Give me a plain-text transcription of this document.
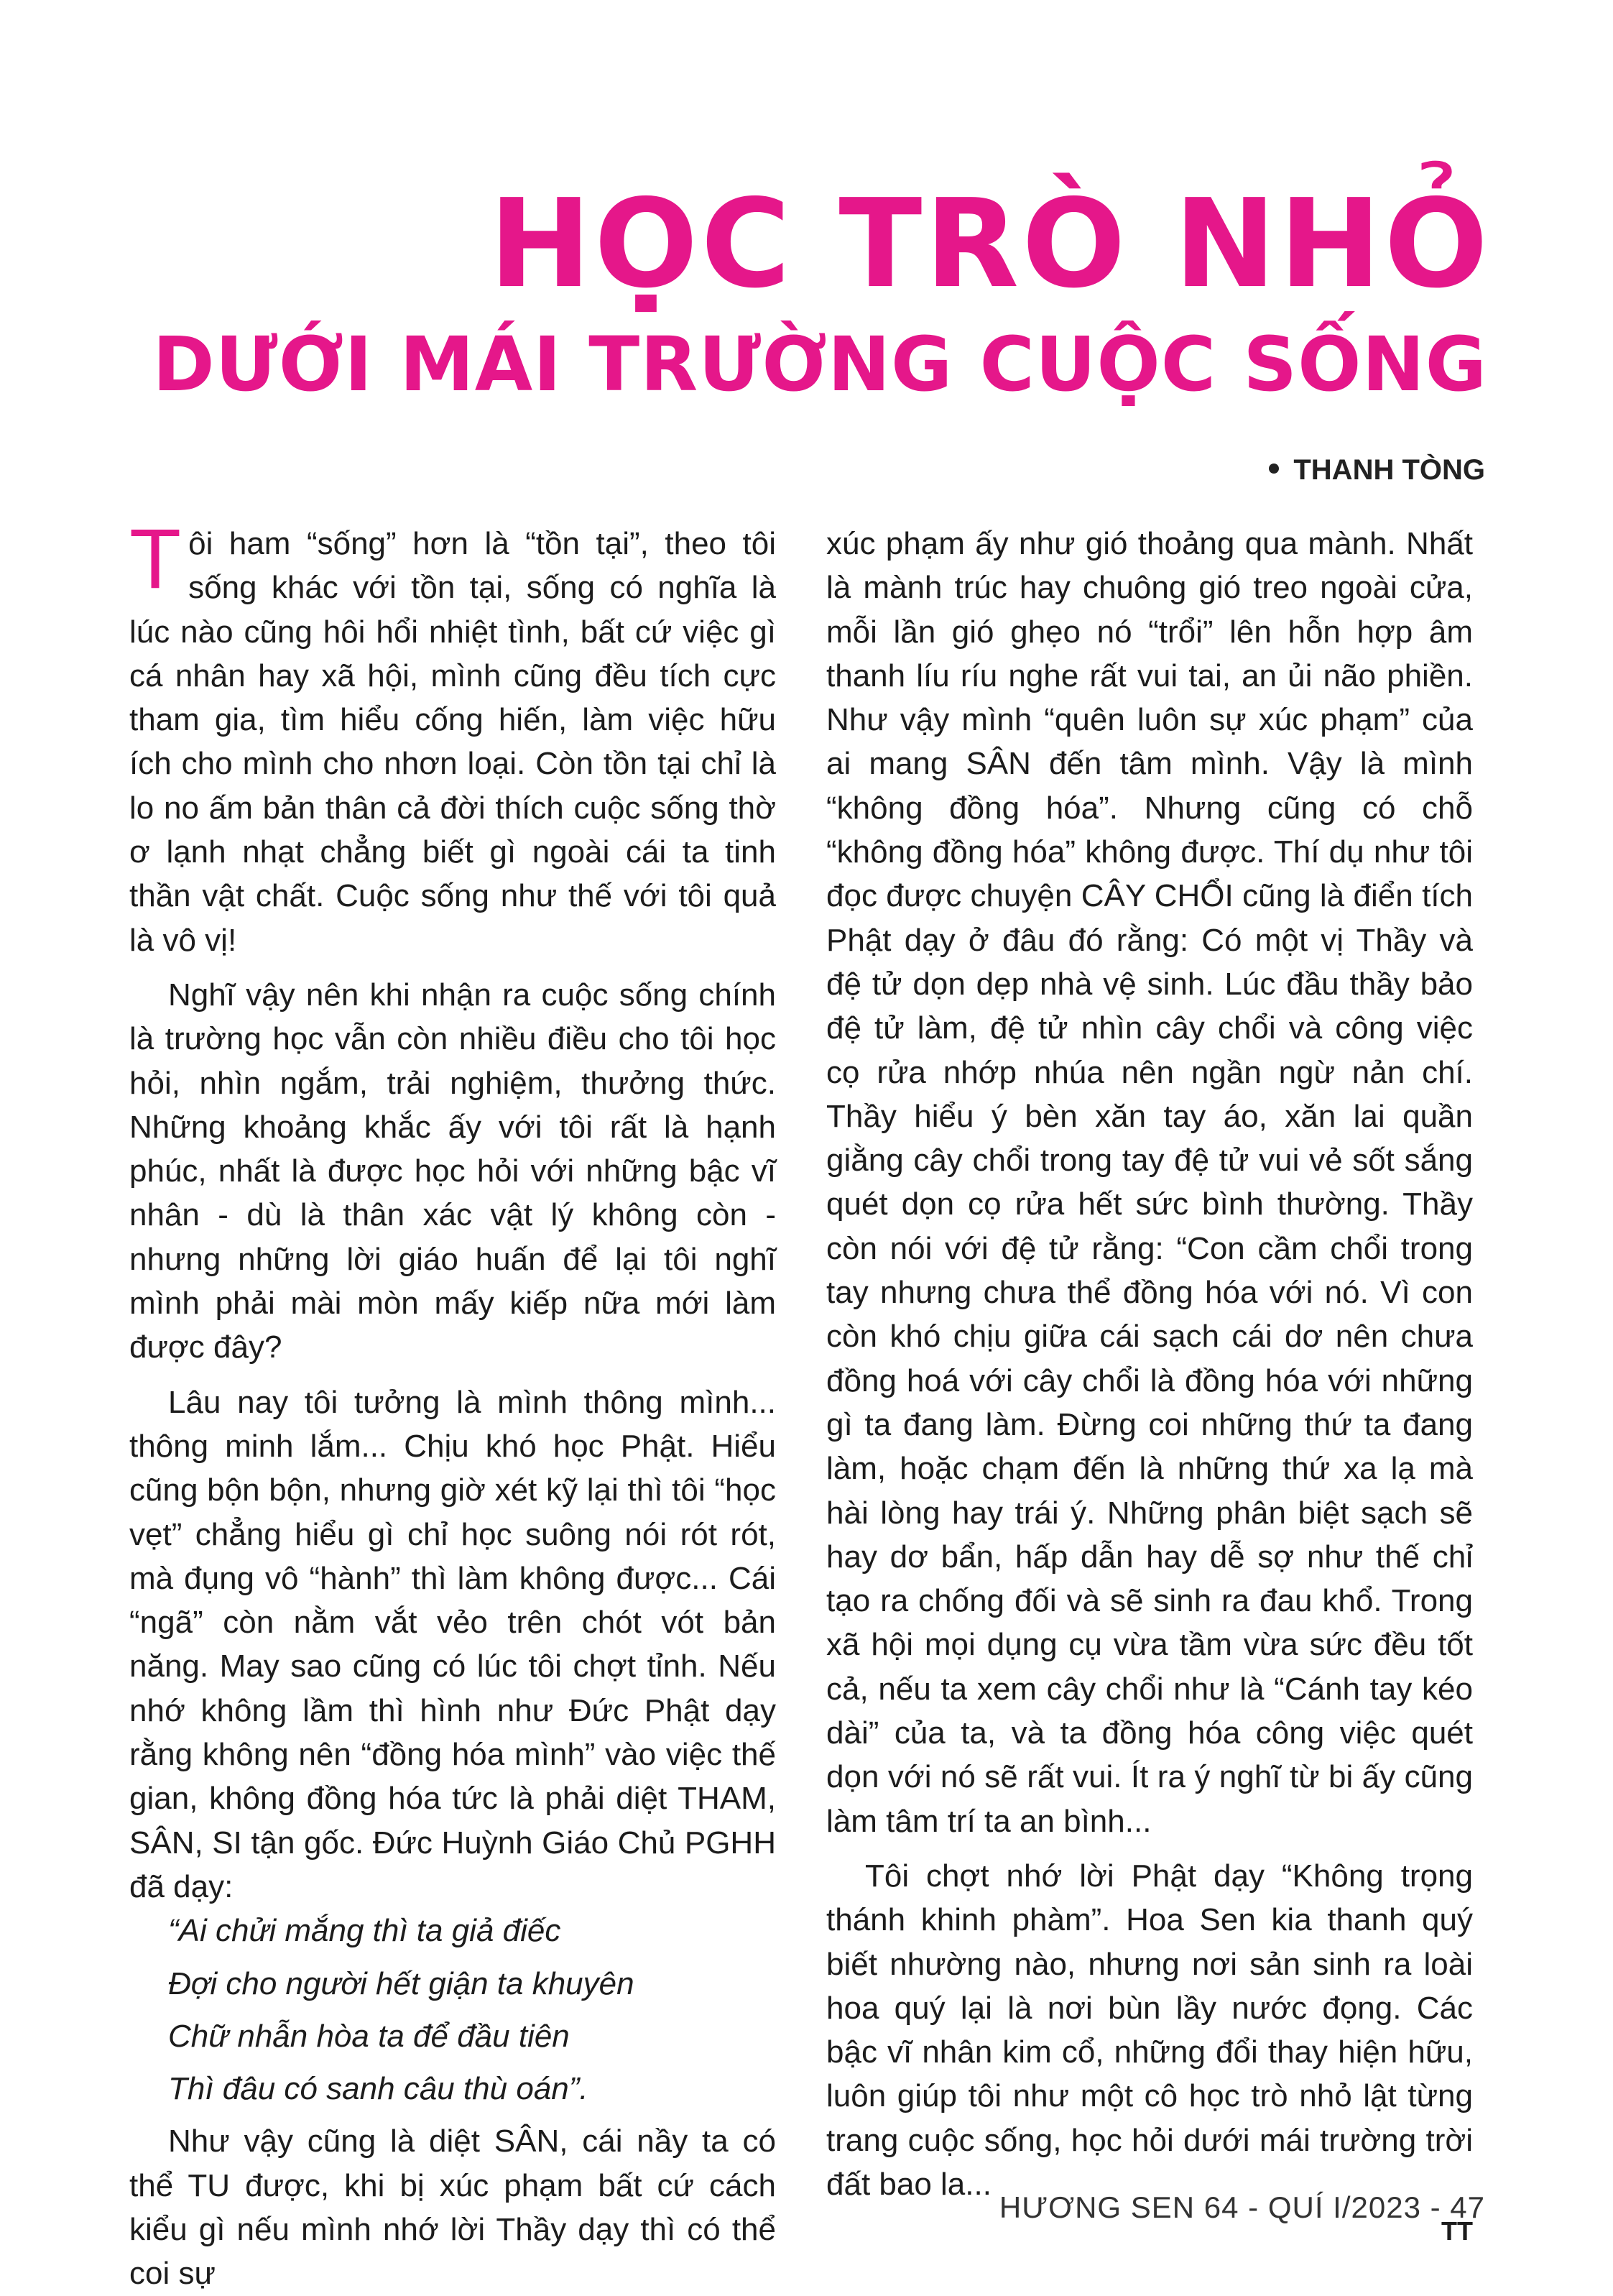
HỌC TRÒ NHỎ
DƯỚI MÁI TRƯỜNG CUỘC SỐNG
THANH TÒNG

Tôi ham “sống” hơn là “tồn tại”, theo tôi sống khác với tồn tại, sống có nghĩa là lúc nào cũng hôi hổi nhiệt tình, bất cứ việc gì cá nhân hay xã hội, mình cũng đều tích cực tham gia, tìm hiểu cống hiến, làm việc hữu ích cho mình cho nhơn loại. Còn tồn tại chỉ là lo no ấm bản thân cả đời thích cuộc sống thờ ơ lạnh nhạt chẳng biết gì ngoài cái ta tinh thần vật chất. Cuộc sống như thế với tôi quả là vô vị!

Nghĩ vậy nên khi nhận ra cuộc sống chính là trường học vẫn còn nhiều điều cho tôi học hỏi, nhìn ngắm, trải nghiệm, thưởng thức. Những khoảng khắc ấy với tôi rất là hạnh phúc, nhất là được học hỏi với những bậc vĩ nhân - dù là thân xác vật lý không còn - nhưng những lời giáo huấn để lại tôi nghĩ mình phải mài mòn mấy kiếp nữa mới làm được đây?

Lâu nay tôi tưởng là mình thông mình... thông minh lắm... Chịu khó học Phật. Hiểu cũng bộn bộn, nhưng giờ xét kỹ lại thì tôi “học vẹt” chẳng hiểu gì chỉ học suông nói rót rót, mà đụng vô “hành” thì làm không được... Cái “ngã” còn nằm vắt vẻo trên chót vót bản năng. May sao cũng có lúc tôi chợt tỉnh. Nếu nhớ không lầm thì hình như Đức Phật dạy rằng không nên “đồng hóa mình” vào việc thế gian, không đồng hóa tức là phải diệt THAM, SÂN, SI tận gốc. Đức Huỳnh Giáo Chủ PGHH đã dạy:

“Ai chửi mắng thì ta giả điếc
Đợi cho người hết giận ta khuyên
Chữ nhẫn hòa ta để đầu tiên
Thì đâu có sanh câu thù oán”.

Như vậy cũng là diệt SÂN, cái nầy ta có thể TU được, khi bị xúc phạm bất cứ cách kiểu gì nếu mình nhớ lời Thầy dạy thì có thể coi sự

xúc phạm ấy như gió thoảng qua mành. Nhất là mành trúc hay chuông gió treo ngoài cửa, mỗi lần gió ghẹo nó “trổi” lên hỗn hợp âm thanh líu ríu nghe rất vui tai, an ủi não phiền. Như vậy mình “quên luôn sự xúc phạm” của ai mang SÂN đến tâm mình. Vậy là mình “không đồng hóa”. Nhưng cũng có chỗ “không đồng hóa” không được. Thí dụ như tôi đọc được chuyện CÂY CHỔI cũng là điển tích Phật dạy ở đâu đó rằng: Có một vị Thầy và đệ tử dọn dẹp nhà vệ sinh. Lúc đầu thầy bảo đệ tử làm, đệ tử nhìn cây chổi và công việc cọ rửa nhớp nhúa nên ngần ngừ nản chí. Thầy hiểu ý bèn xăn tay áo, xăn lai quần giằng cây chổi trong tay đệ tử vui vẻ sốt sắng quét dọn cọ rửa hết sức bình thường. Thầy còn nói với đệ tử rằng: “Con cầm chổi trong tay nhưng chưa thể đồng hóa với nó. Vì con còn khó chịu giữa cái sạch cái dơ nên chưa đồng hoá với cây chổi là đồng hóa với những gì ta đang làm. Đừng coi những thứ ta đang làm, hoặc chạm đến là những thứ xa lạ mà hài lòng hay trái ý. Những phân biệt sạch sẽ hay dơ bẩn, hấp dẫn hay dễ sợ như thế chỉ tạo ra chống đối và sẽ sinh ra đau khổ. Trong xã hội mọi dụng cụ vừa tầm vừa sức đều tốt cả, nếu ta xem cây chổi như là “Cánh tay kéo dài” của ta, và ta đồng hóa công việc quét dọn với nó sẽ rất vui. Ít ra ý nghĩ từ bi ấy cũng làm tâm trí ta an bình...

Tôi chợt nhớ lời Phật dạy “Không trọng thánh khinh phàm”. Hoa Sen kia thanh quý biết nhường nào, nhưng nơi sản sinh ra loài hoa quý lại là nơi bùn lầy nước đọng. Các bậc vĩ nhân kim cổ, những đổi thay hiện hữu, luôn giúp tôi như một cô học trò nhỏ lật từng trang cuộc sống, học hỏi dưới mái trường trời đất bao la...

TT
HƯƠNG SEN 64 - QUÍ I/2023 - 47
